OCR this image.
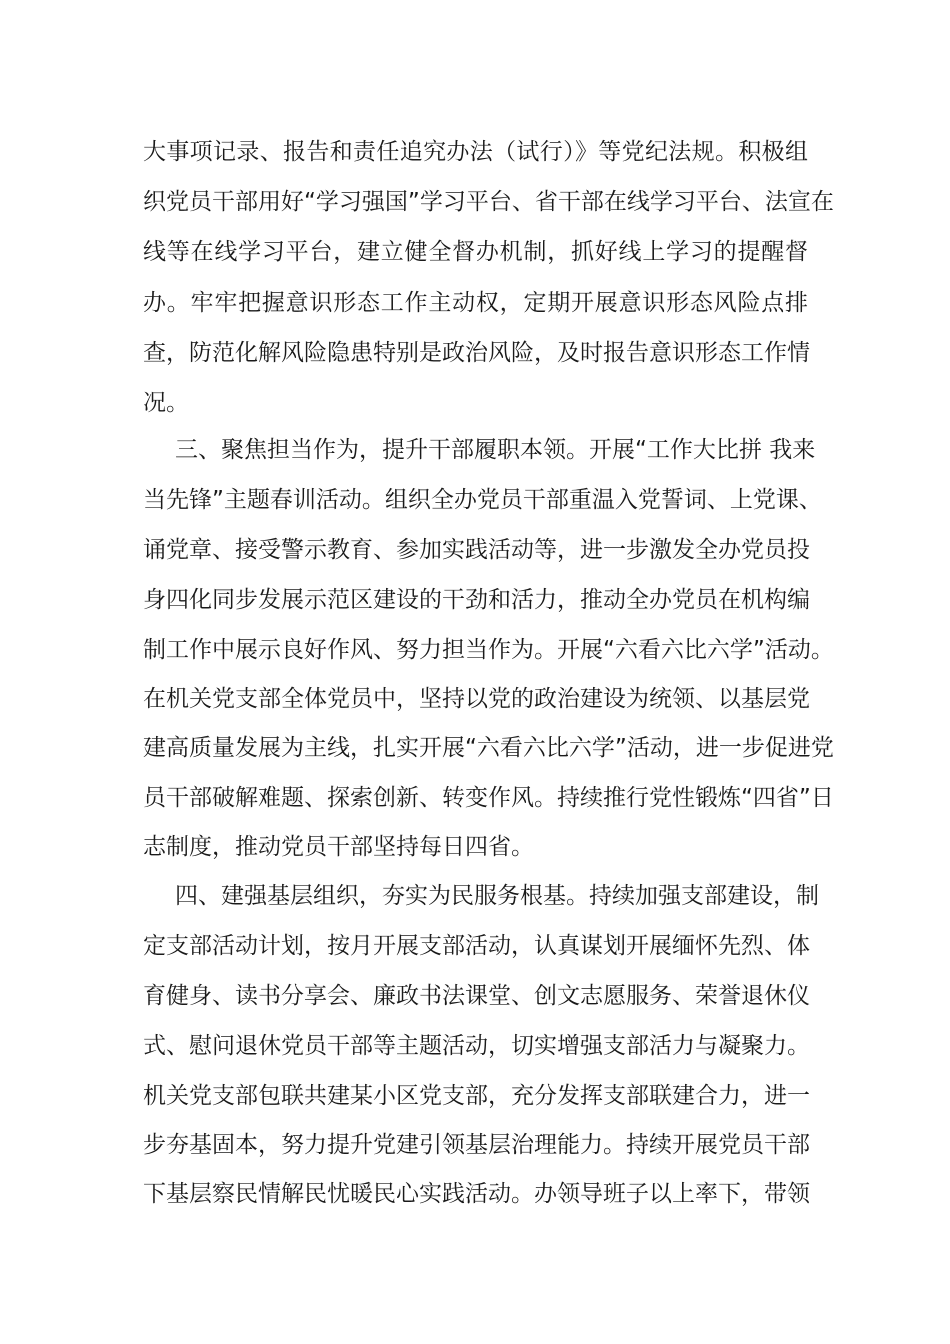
大事项记录、报告和责任追究办法（试行）》等党纪法规。积极组
织党员干部用好“学习强国”学习平台、省干部在线学习平台、法宣在
线等在线学习平台，建立健全督办机制，抓好线上学习的提醒督
办。牢牢把握意识形态工作主动权，定期开展意识形态风险点排
查，防范化解风险隐患特别是政治风险，及时报告意识形态工作情
况。
三、聚焦担当作为，提升干部履职本领。开展“工作大比拼 我来
当先锋”主题春训活动。组织全办党员干部重温入党誓词、上党课、
诵党章、接受警示教育、参加实践活动等，进一步激发全办党员投
身四化同步发展示范区建设的干劲和活力，推动全办党员在机构编
制工作中展示良好作风、努力担当作为。开展“六看六比六学”活动。
在机关党支部全体党员中，坚持以党的政治建设为统领、以基层党
建高质量发展为主线，扎实开展“六看六比六学”活动，进一步促进党
员干部破解难题、探索创新、转变作风。持续推行党性锻炼“四省”日
志制度，推动党员干部坚持每日四省。
四、建强基层组织，夯实为民服务根基。持续加强支部建设，制
定支部活动计划，按月开展支部活动，认真谋划开展缅怀先烈、体
育健身、读书分享会、廉政书法课堂、创文志愿服务、荣誉退休仪
式、慰问退休党员干部等主题活动，切实增强支部活力与凝聚力。
机关党支部包联共建某小区党支部，充分发挥支部联建合力，进一
步夯基固本，努力提升党建引领基层治理能力。持续开展党员干部
下基层察民情解民忧暖民心实践活动。办领导班子以上率下，带领
